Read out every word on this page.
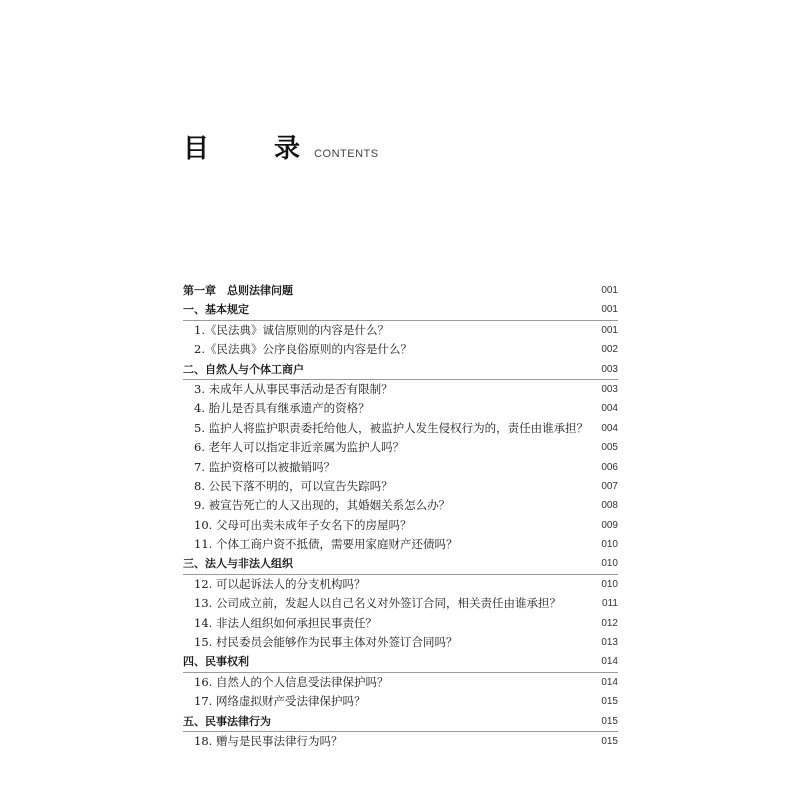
目 录
CONTENTS
第一章　总则法律问题	001
一、基本规定	001
1.《民法典》诚信原则的内容是什么？	001
2.《民法典》公序良俗原则的内容是什么？	002
二、自然人与个体工商户	003
3. 未成年人从事民事活动是否有限制？	003
4. 胎儿是否具有继承遗产的资格？	004
5. 监护人将监护职责委托给他人，被监护人发生侵权行为的，责任由谁承担？ 004
6. 老年人可以指定非近亲属为监护人吗？	005
7. 监护资格可以被撤销吗？	006
8. 公民下落不明的，可以宣告失踪吗？	007
9. 被宣告死亡的人又出现的，其婚姻关系怎么办？	008
10. 父母可出卖未成年子女名下的房屋吗？	009
11. 个体工商户资不抵债，需要用家庭财产还债吗？	010
三、法人与非法人组织	010
12. 可以起诉法人的分支机构吗？	010
13. 公司成立前，发起人以自己名义对外签订合同，相关责任由谁承担？	011
14. 非法人组织如何承担民事责任？	012
15. 村民委员会能够作为民事主体对外签订合同吗？	013
四、民事权利	014
16. 自然人的个人信息受法律保护吗？	014
17. 网络虚拟财产受法律保护吗？	015
五、民事法律行为	015
18. 赠与是民事法律行为吗？	015
